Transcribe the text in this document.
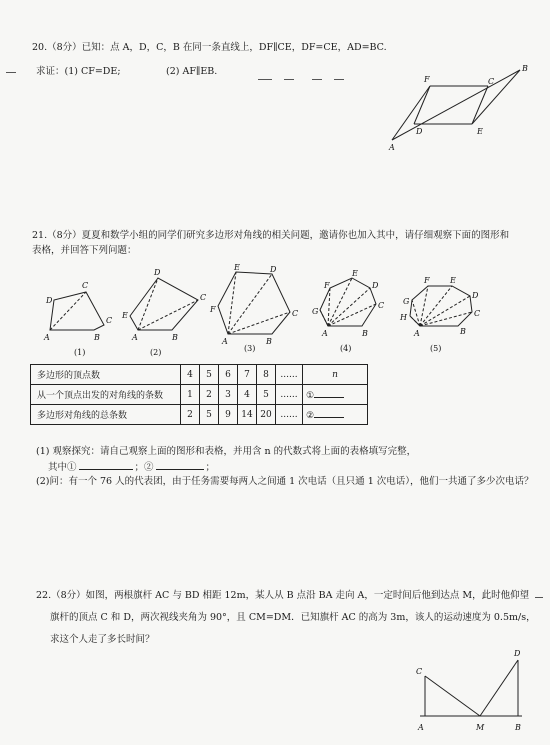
20.（8分）已知：点 A，D，C，B 在同一条直线上，DF∥CE，DF=CE，AD=BC.
求证：(1) CF=DE;	(2) AF∥EB.
F	C
B
D	E
A
21.（8分）夏夏和数学小组的同学们研究多边形对角线的相关问题，邀请你也加入其中，请仔细观察下面的图形和
表格，并回答下列问题：
A	B
C
C
D
A	B
C
D
E
A	B
C
D
E
F
A	B
C
D
E
F
G
A	B
C
D
E
F
G
H
(1)	(2)	(3)	(4)	(5)
多边形的顶点数	4	5	6	7	8	......	n
从一个顶点出发的对角线的条数	1	2	3	4	5	......	①
多边形对角线的总条数	2	5	9	14	20	......	②
(1) 观察探究：请自己观察上面的图形和表格，并用含 n 的代数式将上面的表格填写完整，
其中①	；②	；
(2)问：有一个 76 人的代表团，由于任务需要每两人之间通 1 次电话（且只通 1 次电话），他们一共通了多少次电话？
22.（8分）如图，两根旗杆 AC 与 BD 相距 12m，某人从 B 点沿 BA 走向 A，一定时间后他到达点 M，此时他仰望
旗杆的顶点 C 和 D，两次视线夹角为 90°，且 CM=DM．已知旗杆 AC 的高为 3m，该人的运动速度为 0.5m/s，
求这个人走了多长时间？
C
D
A	M	B
